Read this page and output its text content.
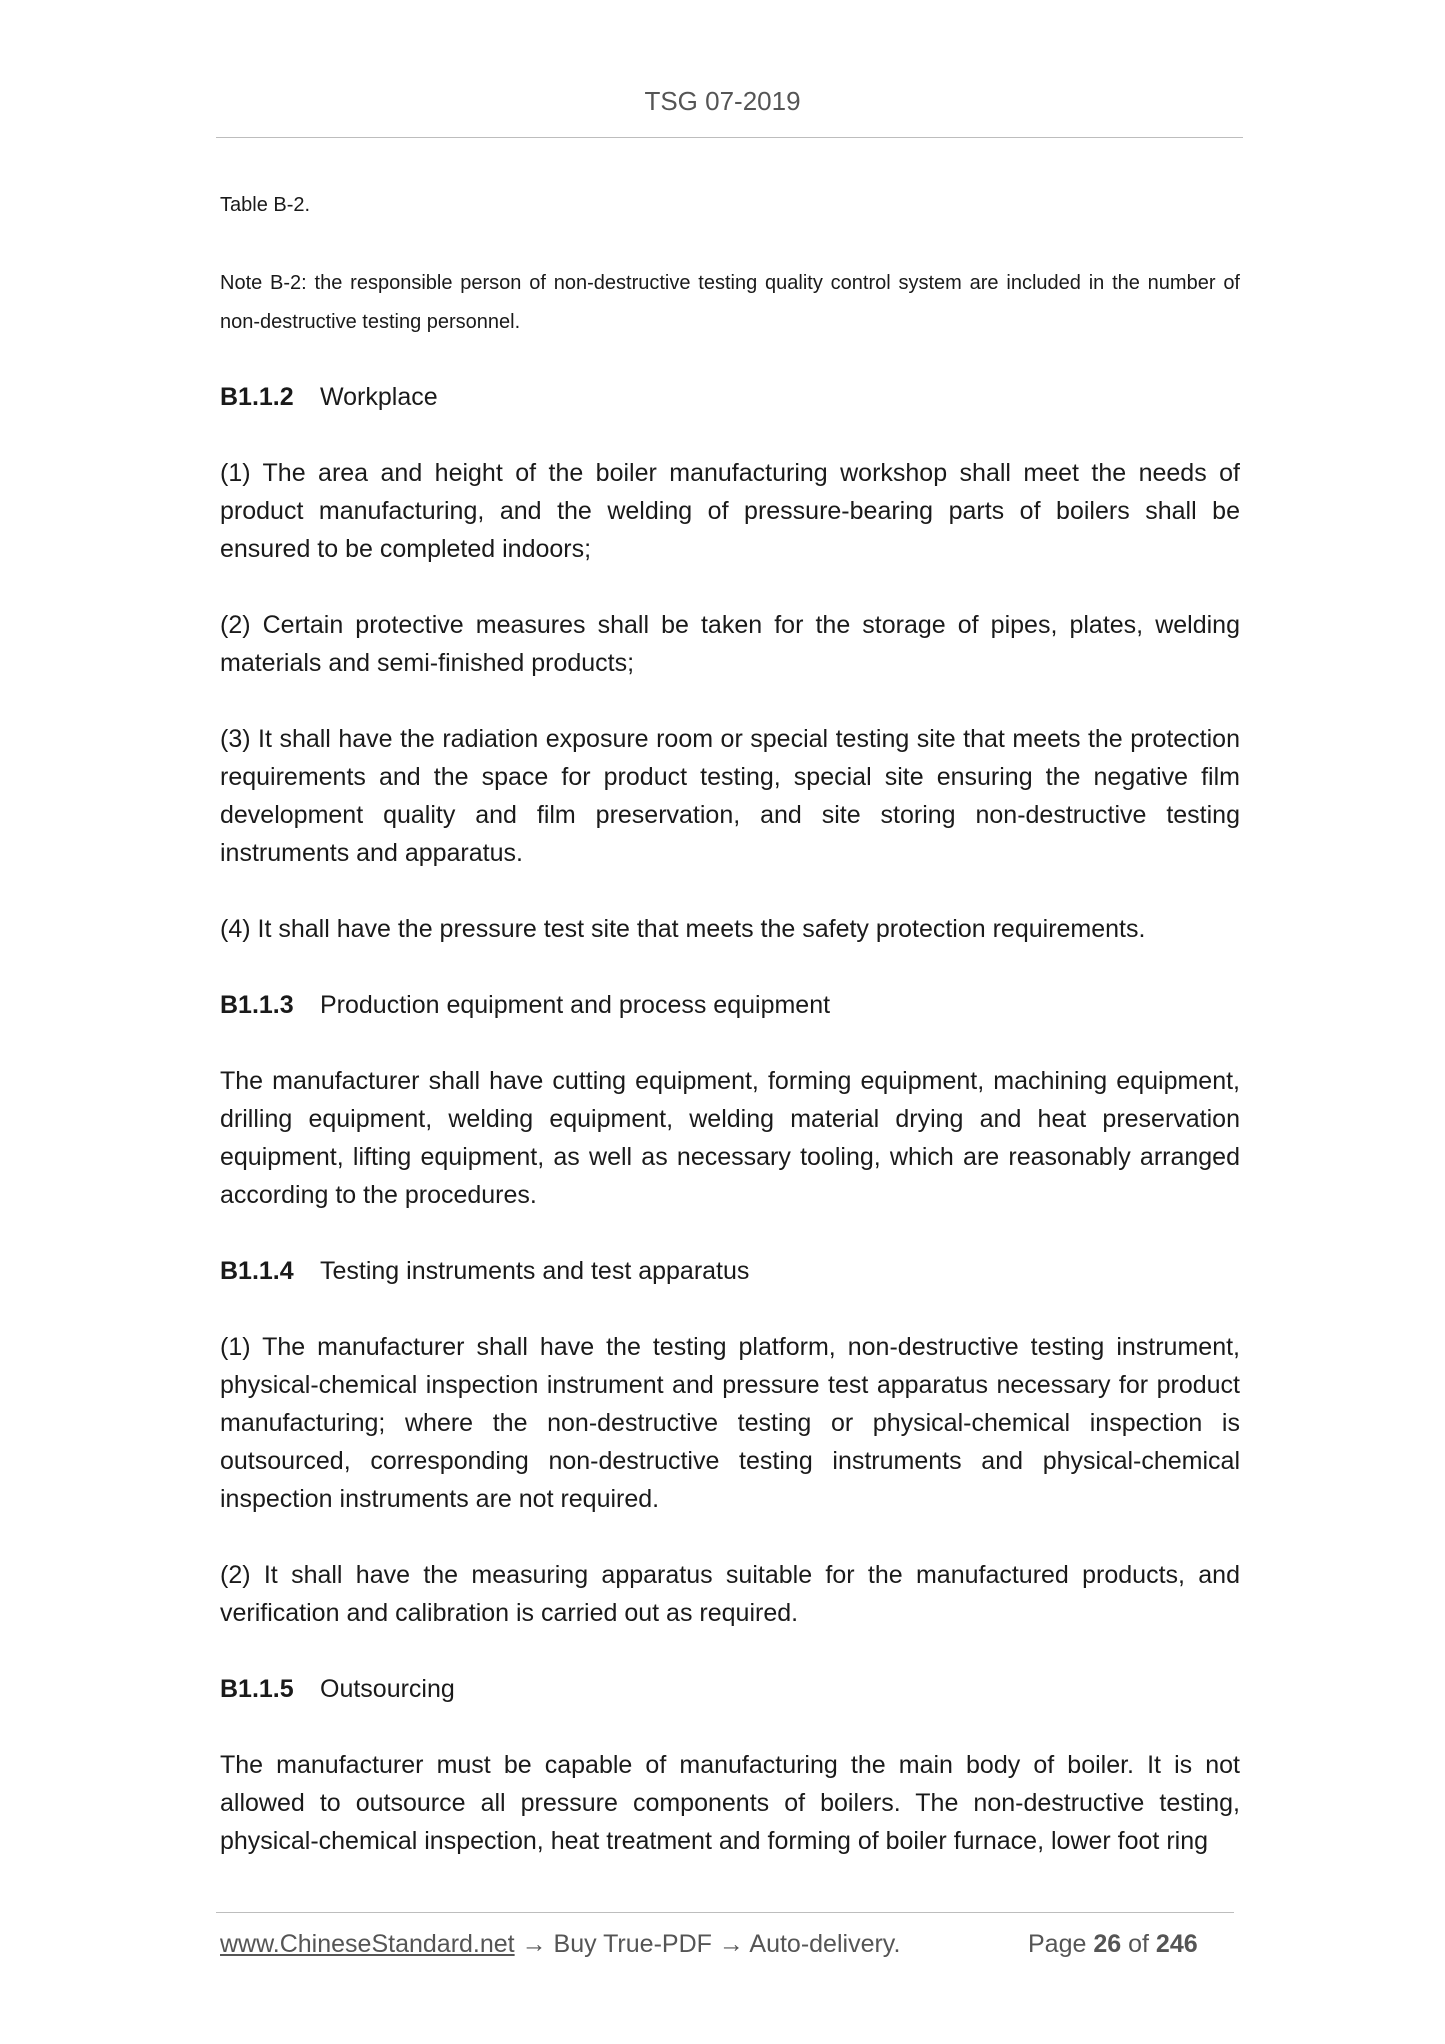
TSG 07-2019

Table B-2.

Note B-2: the responsible person of non-destructive testing quality control system are included in the number of non-destructive testing personnel.

B1.1.2 Workplace

(1) The area and height of the boiler manufacturing workshop shall meet the needs of product manufacturing, and the welding of pressure-bearing parts of boilers shall be ensured to be completed indoors;

(2) Certain protective measures shall be taken for the storage of pipes, plates, welding materials and semi-finished products;

(3) It shall have the radiation exposure room or special testing site that meets the protection requirements and the space for product testing, special site ensuring the negative film development quality and film preservation, and site storing non-destructive testing instruments and apparatus.

(4) It shall have the pressure test site that meets the safety protection requirements.

B1.1.3 Production equipment and process equipment

The manufacturer shall have cutting equipment, forming equipment, machining equipment, drilling equipment, welding equipment, welding material drying and heat preservation equipment, lifting equipment, as well as necessary tooling, which are reasonably arranged according to the procedures.

B1.1.4 Testing instruments and test apparatus

(1) The manufacturer shall have the testing platform, non-destructive testing instrument, physical-chemical inspection instrument and pressure test apparatus necessary for product manufacturing; where the non-destructive testing or physical-chemical inspection is outsourced, corresponding non-destructive testing instruments and physical-chemical inspection instruments are not required.

(2) It shall have the measuring apparatus suitable for the manufactured products, and verification and calibration is carried out as required.

B1.1.5 Outsourcing

The manufacturer must be capable of manufacturing the main body of boiler. It is not allowed to outsource all pressure components of boilers. The non-destructive testing, physical-chemical inspection, heat treatment and forming of boiler furnace, lower foot ring

www.ChineseStandard.net → Buy True-PDF → Auto-delivery.	Page 26 of 246
